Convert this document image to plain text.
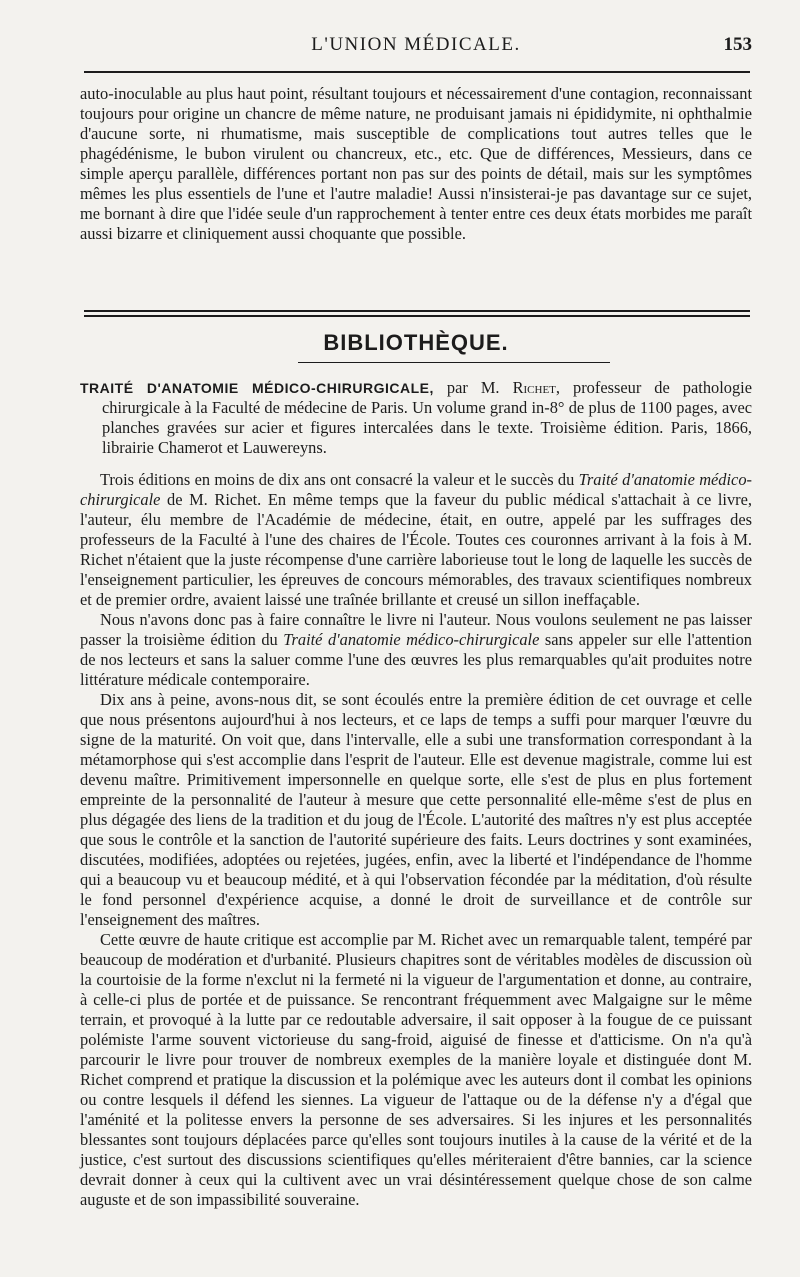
L'UNION MÉDICALE.	153

auto-inoculable au plus haut point, résultant toujours et nécessairement d'une contagion, reconnaissant toujours pour origine un chancre de même nature, ne produisant jamais ni épididymite, ni ophthalmie d'aucune sorte, ni rhumatisme, mais susceptible de complications tout autres telles que le phagédénisme, le bubon virulent ou chancreux, etc., etc. Que de différences, Messieurs, dans ce simple aperçu parallèle, différences portant non pas sur des points de détail, mais sur les symptômes mêmes les plus essentiels de l'une et l'autre maladie! Aussi n'insisterai-je pas davantage sur ce sujet, me bornant à dire que l'idée seule d'un rapprochement à tenter entre ces deux états morbides me paraît aussi bizarre et cliniquement aussi choquante que possible.

BIBLIOTHÈQUE.

TRAITÉ D'ANATOMIE MÉDICO-CHIRURGICALE, par M. Richet, professeur de pathologie chirurgicale à la Faculté de médecine de Paris. Un volume grand in-8° de plus de 1100 pages, avec planches gravées sur acier et figures intercalées dans le texte. Troisième édition. Paris, 1866, librairie Chamerot et Lauwereyns.

Trois éditions en moins de dix ans ont consacré la valeur et le succès du Traité d'anatomie médico-chirurgicale de M. Richet. En même temps que la faveur du public médical s'attachait à ce livre, l'auteur, élu membre de l'Académie de médecine, était, en outre, appelé par les suffrages des professeurs de la Faculté à l'une des chaires de l'École. Toutes ces couronnes arrivant à la fois à M. Richet n'étaient que la juste récompense d'une carrière laborieuse tout le long de laquelle les succès de l'enseignement particulier, les épreuves de concours mémorables, des travaux scientifiques nombreux et de premier ordre, avaient laissé une traînée brillante et creusé un sillon ineffaçable.

Nous n'avons donc pas à faire connaître le livre ni l'auteur. Nous voulons seulement ne pas laisser passer la troisième édition du Traité d'anatomie médico-chirurgicale sans appeler sur elle l'attention de nos lecteurs et sans la saluer comme l'une des œuvres les plus remarquables qu'ait produites notre littérature médicale contemporaire.

Dix ans à peine, avons-nous dit, se sont écoulés entre la première édition de cet ouvrage et celle que nous présentons aujourd'hui à nos lecteurs, et ce laps de temps a suffi pour marquer l'œuvre du signe de la maturité. On voit que, dans l'intervalle, elle a subi une transformation correspondant à la métamorphose qui s'est accomplie dans l'esprit de l'auteur. Elle est devenue magistrale, comme lui est devenu maître. Primitivement impersonnelle en quelque sorte, elle s'est de plus en plus fortement empreinte de la personnalité de l'auteur à mesure que cette personnalité elle-même s'est de plus en plus dégagée des liens de la tradition et du joug de l'École. L'autorité des maîtres n'y est plus acceptée que sous le contrôle et la sanction de l'autorité supérieure des faits. Leurs doctrines y sont examinées, discutées, modifiées, adoptées ou rejetées, jugées, enfin, avec la liberté et l'indépendance de l'homme qui a beaucoup vu et beaucoup médité, et à qui l'observation fécondée par la méditation, d'où résulte le fond personnel d'expérience acquise, a donné le droit de surveillance et de contrôle sur l'enseignement des maîtres.

Cette œuvre de haute critique est accomplie par M. Richet avec un remarquable talent, tempéré par beaucoup de modération et d'urbanité. Plusieurs chapitres sont de véritables modèles de discussion où la courtoisie de la forme n'exclut ni la fermeté ni la vigueur de l'argumentation et donne, au contraire, à celle-ci plus de portée et de puissance. Se rencontrant fréquemment avec Malgaigne sur le même terrain, et provoqué à la lutte par ce redoutable adversaire, il sait opposer à la fougue de ce puissant polémiste l'arme souvent victorieuse du sang-froid, aiguisé de finesse et d'atticisme. On n'a qu'à parcourir le livre pour trouver de nombreux exemples de la manière loyale et distinguée dont M. Richet comprend et pratique la discussion et la polémique avec les auteurs dont il combat les opinions ou contre lesquels il défend les siennes. La vigueur de l'attaque ou de la défense n'y a d'égal que l'aménité et la politesse envers la personne de ses adversaires. Si les injures et les personnalités blessantes sont toujours déplacées parce qu'elles sont toujours inutiles à la cause de la vérité et de la justice, c'est surtout des discussions scientifiques qu'elles mériteraient d'être bannies, car la science devrait donner à ceux qui la cultivent avec un vrai désintéressement quelque chose de son calme auguste et de son impassibilité souveraine.
